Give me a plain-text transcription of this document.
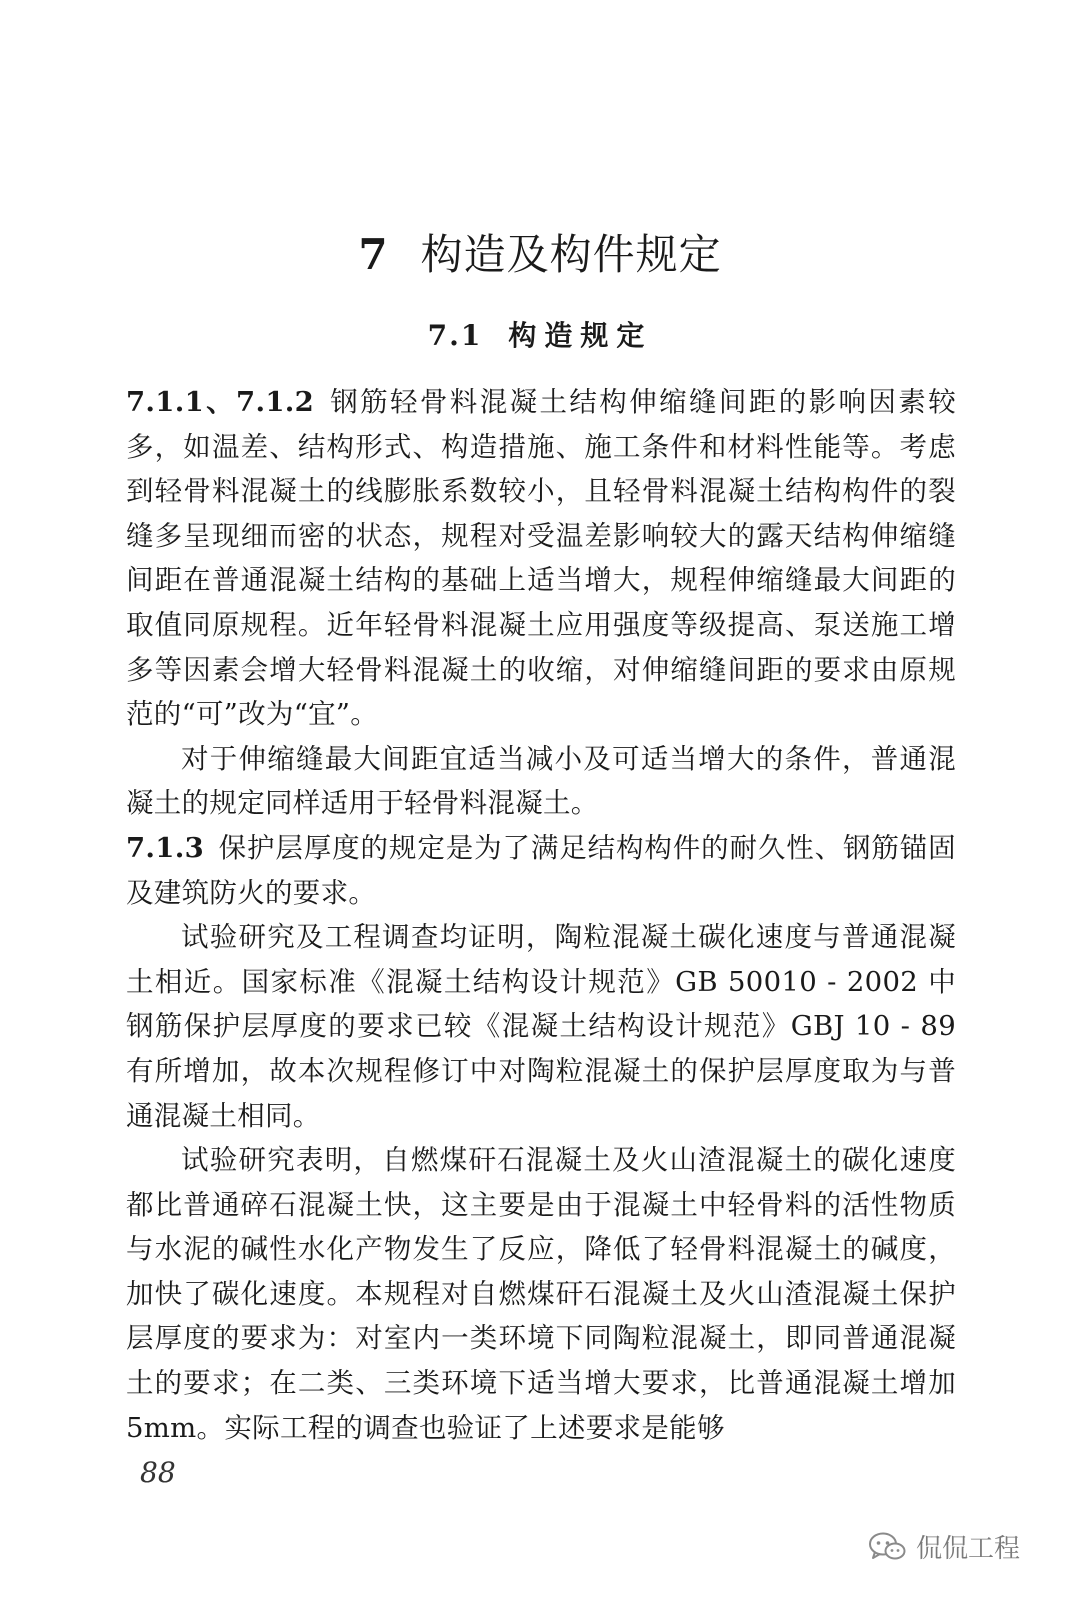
7 构造及构件规定
7.1 构造规定

7.1.1、7.1.2 钢筋轻骨料混凝土结构伸缩缝间距的影响因素较多，如温差、结构形式、构造措施、施工条件和材料性能等。考虑到轻骨料混凝土的线膨胀系数较小，且轻骨料混凝土结构构件的裂缝多呈现细而密的状态，规程对受温差影响较大的露天结构伸缩缝间距在普通混凝土结构的基础上适当增大，规程伸缩缝最大间距的取值同原规程。近年轻骨料混凝土应用强度等级提高、泵送施工增多等因素会增大轻骨料混凝土的收缩，对伸缩缝间距的要求由原规范的“可”改为“宜”。

对于伸缩缝最大间距宜适当减小及可适当增大的条件，普通混凝土的规定同样适用于轻骨料混凝土。

7.1.3 保护层厚度的规定是为了满足结构构件的耐久性、钢筋锚固及建筑防火的要求。

试验研究及工程调查均证明，陶粒混凝土碳化速度与普通混凝土相近。国家标准《混凝土结构设计规范》GB 50010 - 2002 中钢筋保护层厚度的要求已较《混凝土结构设计规范》GBJ 10 - 89 有所增加，故本次规程修订中对陶粒混凝土的保护层厚度取为与普通混凝土相同。

试验研究表明，自燃煤矸石混凝土及火山渣混凝土的碳化速度都比普通碎石混凝土快，这主要是由于混凝土中轻骨料的活性物质与水泥的碱性水化产物发生了反应，降低了轻骨料混凝土的碱度，加快了碳化速度。本规程对自燃煤矸石混凝土及火山渣混凝土保护层厚度的要求为：对室内一类环境下同陶粒混凝土，即同普通混凝土的要求；在二类、三类环境下适当增大要求，比普通混凝土增加 5mm。实际工程的调查也验证了上述要求是能够

88
侃侃工程
